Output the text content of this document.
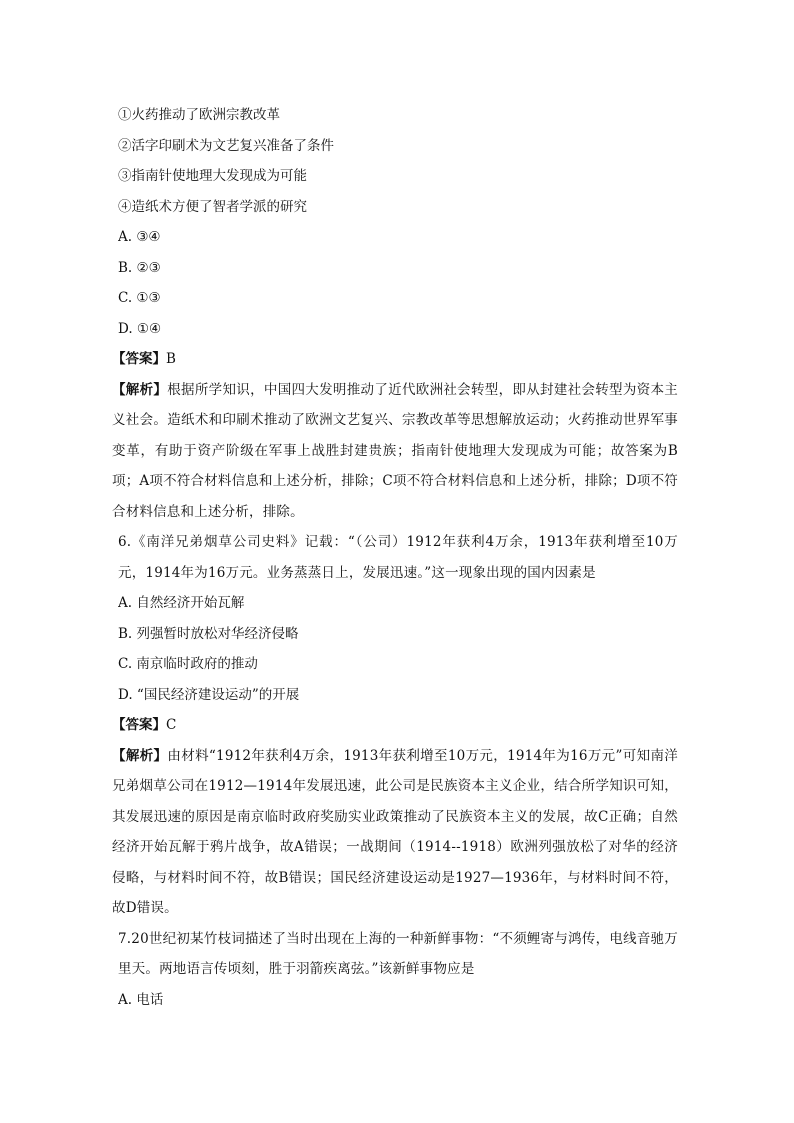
①火药推动了欧洲宗教改革
②活字印刷术为文艺复兴准备了条件
③指南针使地理大发现成为可能
④造纸术方便了智者学派的研究
A. ③④
B. ②③
C. ①③
D. ①④
【答案】B
【解析】根据所学知识，中国四大发明推动了近代欧洲社会转型，即从封建社会转型为资本主义社会。造纸术和印刷术推动了欧洲文艺复兴、宗教改革等思想解放运动；火药推动世界军事变革，有助于资产阶级在军事上战胜封建贵族；指南针使地理大发现成为可能；故答案为B项；A项不符合材料信息和上述分析，排除；C项不符合材料信息和上述分析，排除；D项不符合材料信息和上述分析，排除。
6.《南洋兄弟烟草公司史料》记载：“（公司）1912年获利4万余，1913年获利增至10万元，1914年为16万元。业务蒸蒸日上，发展迅速。”这一现象出现的国内因素是
A. 自然经济开始瓦解
B. 列强暂时放松对华经济侵略
C. 南京临时政府的推动
D. “国民经济建设运动”的开展
【答案】C
【解析】由材料“1912年获利4万余，1913年获利增至10万元，1914年为16万元”可知南洋兄弟烟草公司在1912—1914年发展迅速，此公司是民族资本主义企业，结合所学知识可知，其发展迅速的原因是南京临时政府奖励实业政策推动了民族资本主义的发展，故C正确；自然经济开始瓦解于鸦片战争，故A错误；一战期间（1914--1918）欧洲列强放松了对华的经济侵略，与材料时间不符，故B错误；国民经济建设运动是1927—1936年，与材料时间不符，故D错误。
7.20世纪初某竹枝词描述了当时出现在上海的一种新鲜事物：“不须鲤寄与鸿传，电线音驰万里天。两地语言传顷刻，胜于羽箭疾离弦。”该新鲜事物应是
A. 电话
